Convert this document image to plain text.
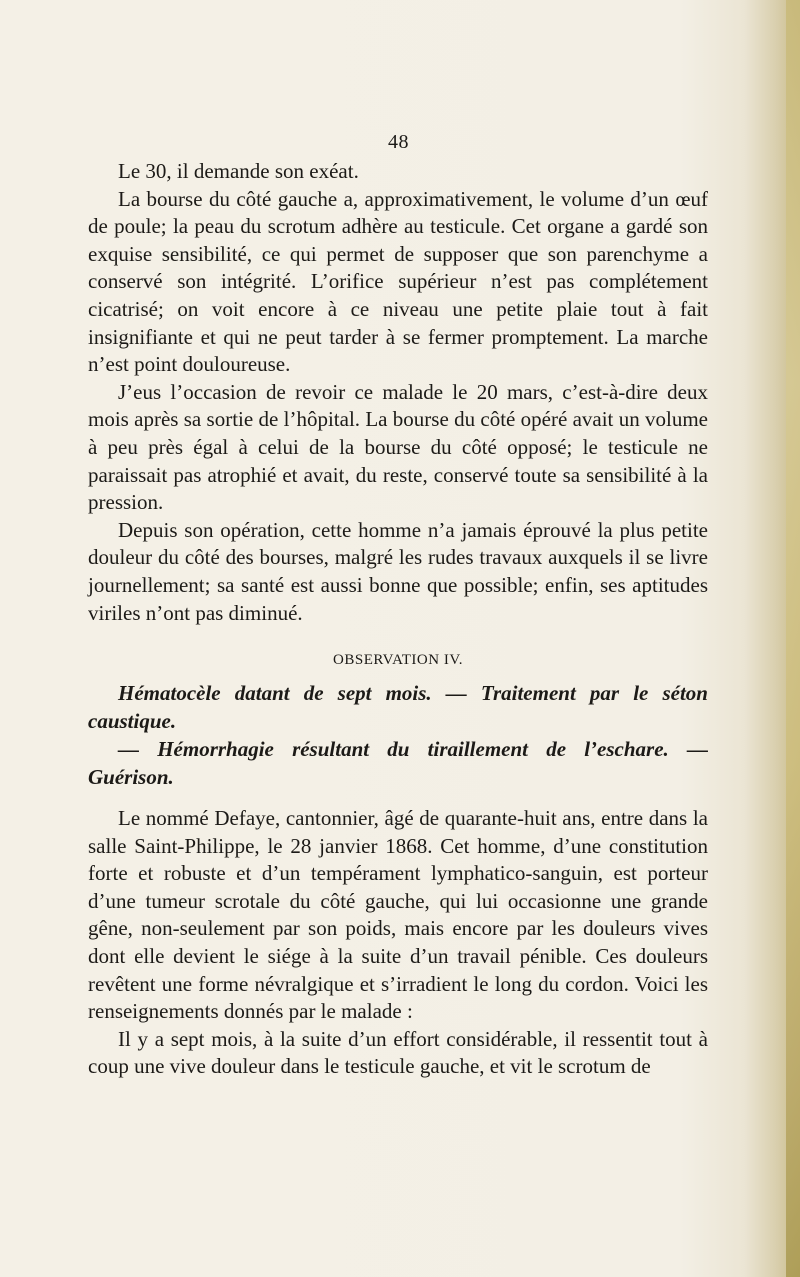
48

Le 30, il demande son exéat.

La bourse du côté gauche a, approximativement, le volume d’un œuf de poule; la peau du scrotum adhère au testicule. Cet organe a gardé son exquise sensibilité, ce qui permet de supposer que son parenchyme a conservé son intégrité. L’orifice supérieur n’est pas complétement cicatrisé; on voit encore à ce niveau une petite plaie tout à fait insignifiante et qui ne peut tarder à se fermer promptement. La marche n’est point douloureuse.

J’eus l’occasion de revoir ce malade le 20 mars, c’est-à-dire deux mois après sa sortie de l’hôpital. La bourse du côté opéré avait un volume à peu près égal à celui de la bourse du côté opposé; le testicule ne paraissait pas atrophié et avait, du reste, conservé toute sa sensibilité à la pression.

Depuis son opération, cette homme n’a jamais éprouvé la plus petite douleur du côté des bourses, malgré les rudes travaux auxquels il se livre journellement; sa santé est aussi bonne que possible; enfin, ses aptitudes viriles n’ont pas diminué.

OBSERVATION IV.

Hématocèle datant de sept mois. — Traitement par le séton caustique.
— Hémorrhagie résultant du tiraillement de l’eschare. — Guérison.

Le nommé Defaye, cantonnier, âgé de quarante-huit ans, entre dans la salle Saint-Philippe, le 28 janvier 1868. Cet homme, d’une constitution forte et robuste et d’un tempérament lymphatico-sanguin, est porteur d’une tumeur scrotale du côté gauche, qui lui occasionne une grande gêne, non-seulement par son poids, mais encore par les douleurs vives dont elle devient le siége à la suite d’un travail pénible. Ces douleurs revêtent une forme névralgique et s’irradient le long du cordon. Voici les renseignements donnés par le malade :

Il y a sept mois, à la suite d’un effort considérable, il ressentit tout à coup une vive douleur dans le testicule gauche, et vit le scrotum de
